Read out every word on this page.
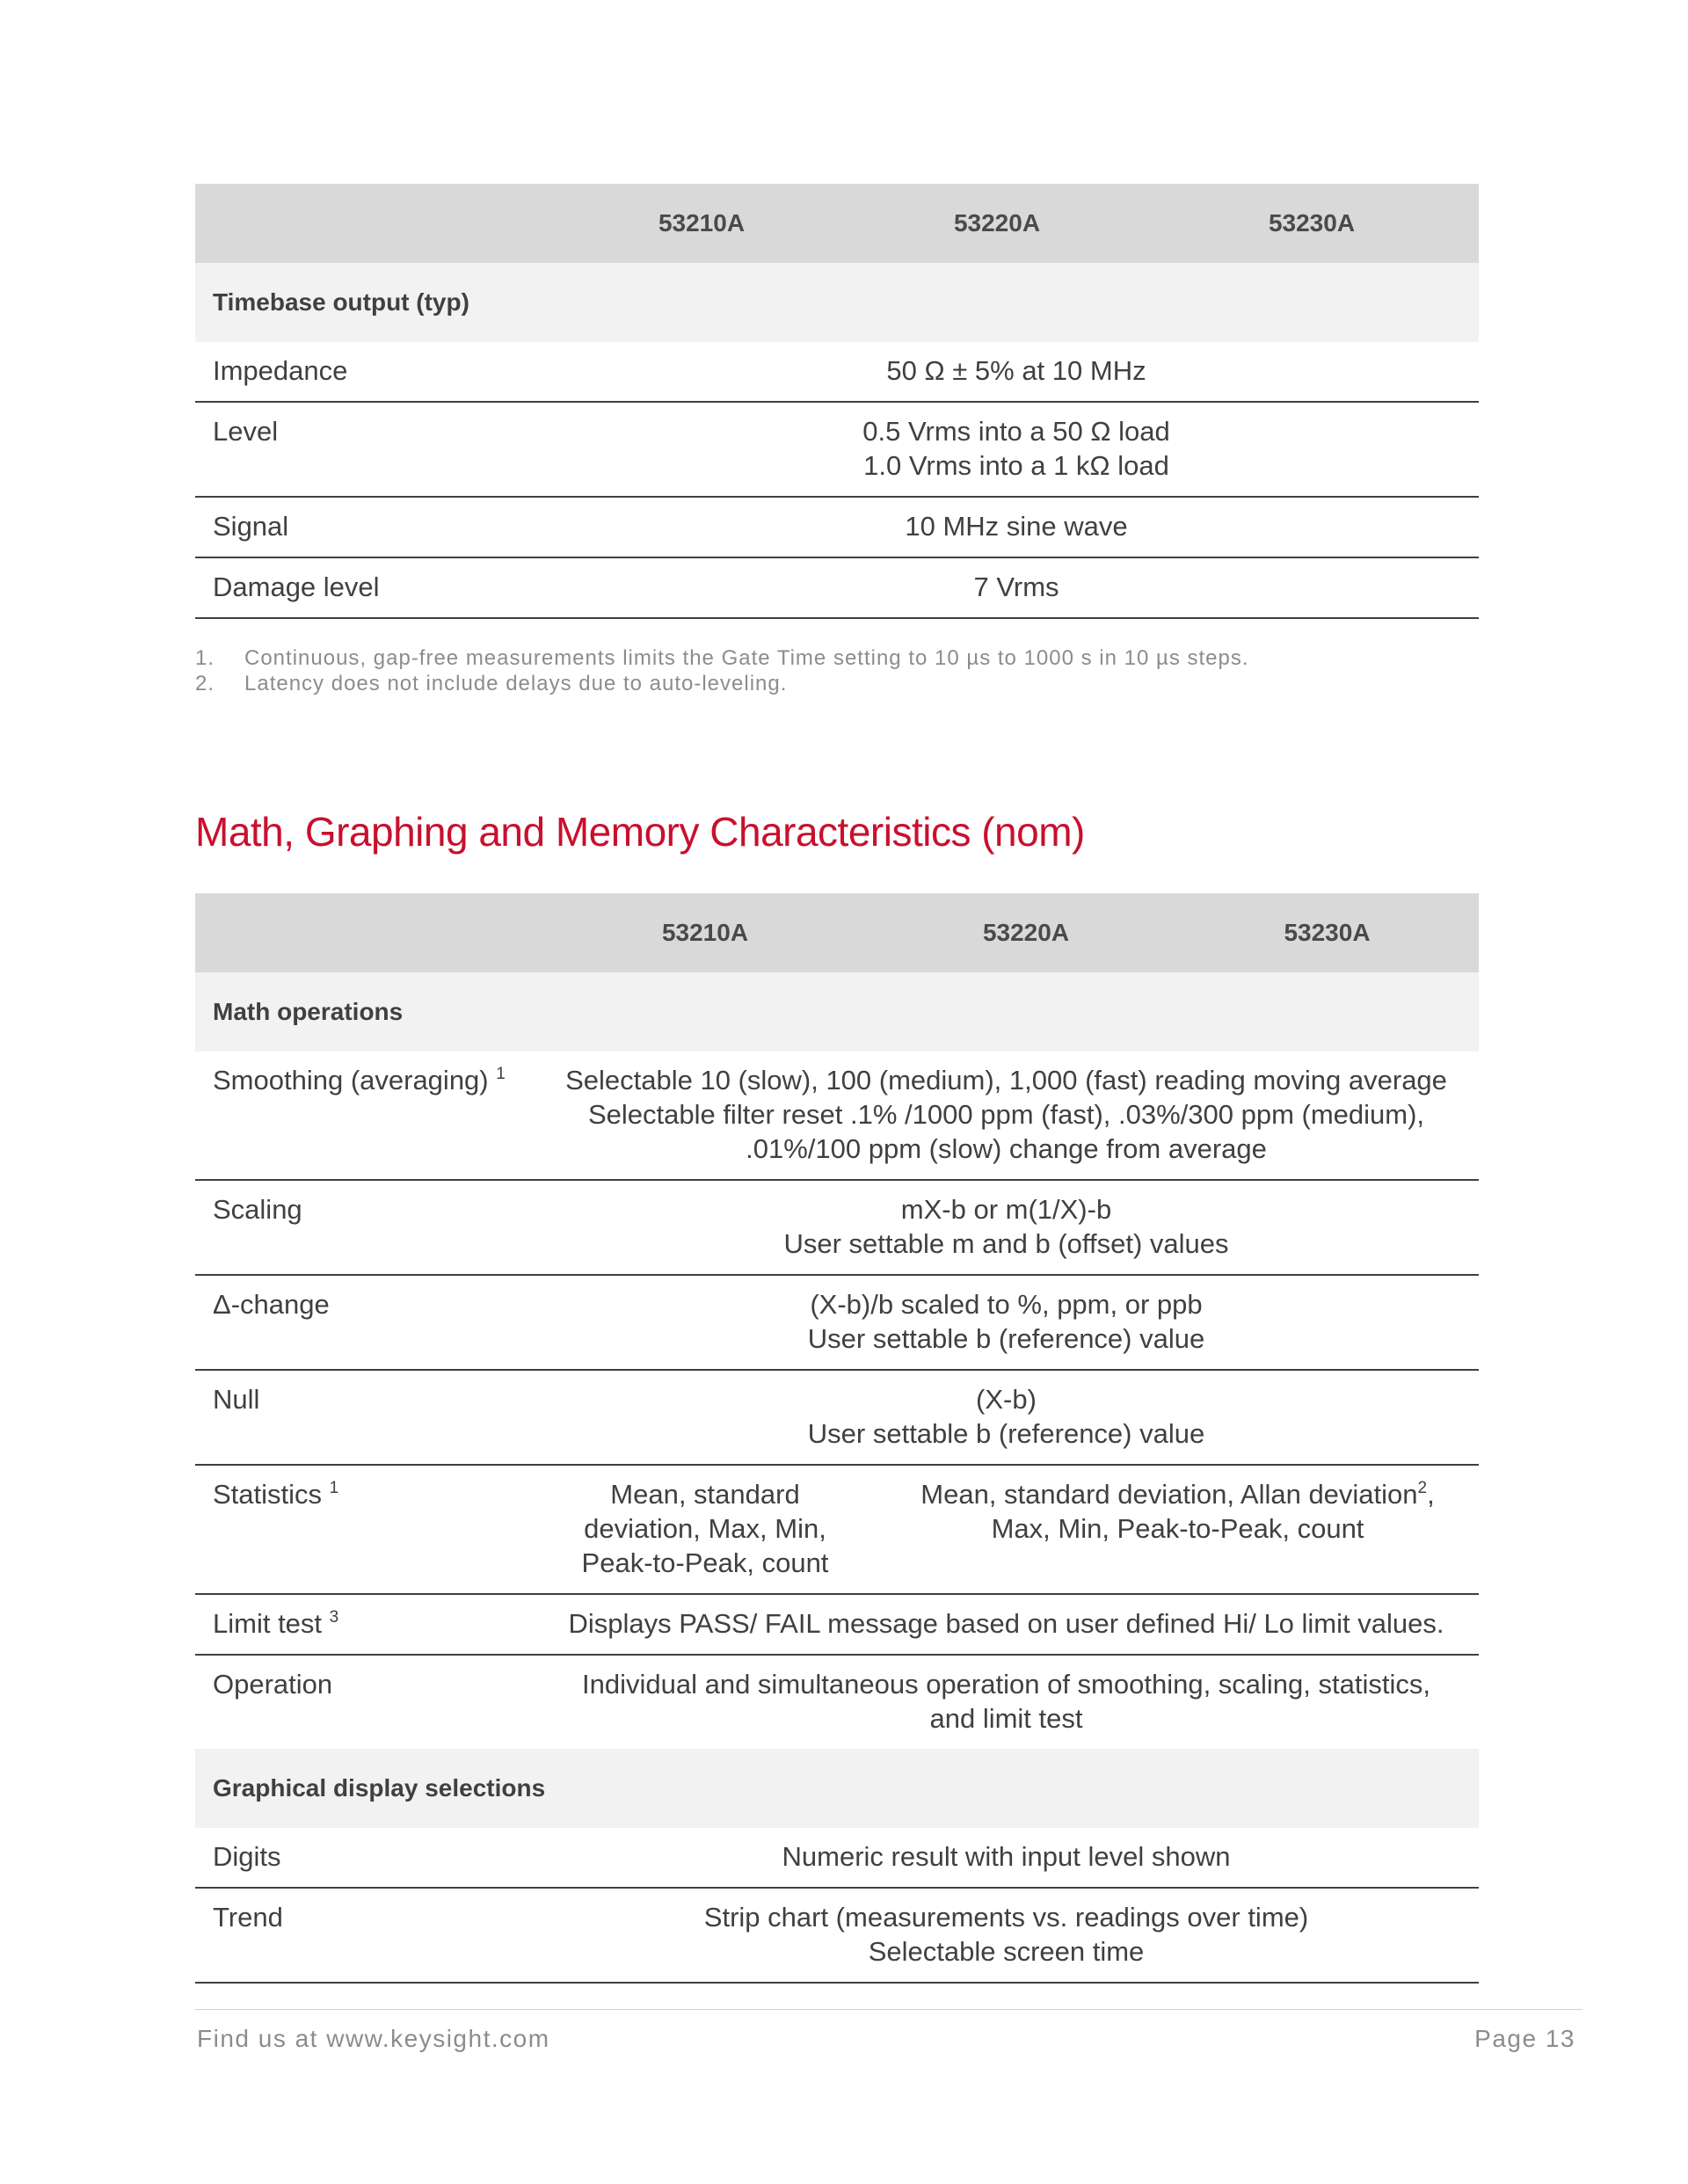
	53210A	53220A	53230A
Timebase output (typ)			
Impedance	50 Ω ± 5% at 10 MHz		

Level	0.5 Vrms into a 50 Ω load
1.0 Vrms into a 1 kΩ load		

Signal	10 MHz sine wave		

Damage level	7 Vrms		
1.	Continuous, gap-free measurements limits the Gate Time setting to 10 µs to 1000 s in 10 µs steps.
2.	Latency does not include delays due to auto-leveling.
Math, Graphing and Memory Characteristics (nom)
	53210A	53220A	53230A
Math operations			
Smoothing (averaging) $^1$	Selectable 10 (slow), 100 (medium), 1,000 (fast) reading moving average
Selectable filter reset .1% /1000 ppm (fast), .03%/300 ppm (medium),
.01%/100 ppm (slow) change from average		

Scaling	mX-b or m(1/X)-b
User settable m and b (offset) values		

Δ-change	(X-b)/b scaled to %, ppm, or ppb
User settable b (reference) value		

Null	(X-b)
User settable b (reference) value		

Statistics $^1$	Mean, standard
deviation, Max, Min,
Peak-to-Peak, count	Mean, standard deviation, Allan deviation$^2$,
Max, Min, Peak-to-Peak, count	

Limit test $^3$	Displays PASS/ FAIL message based on user defined Hi/ Lo limit values.		

Operation	Individual and simultaneous operation of smoothing, scaling, statistics,
and limit test		

Graphical display selections			
Digits	Numeric result with input level shown		

Trend	Strip chart (measurements vs. readings over time)
Selectable screen time		
Find us at www.keysight.com	Page 13
